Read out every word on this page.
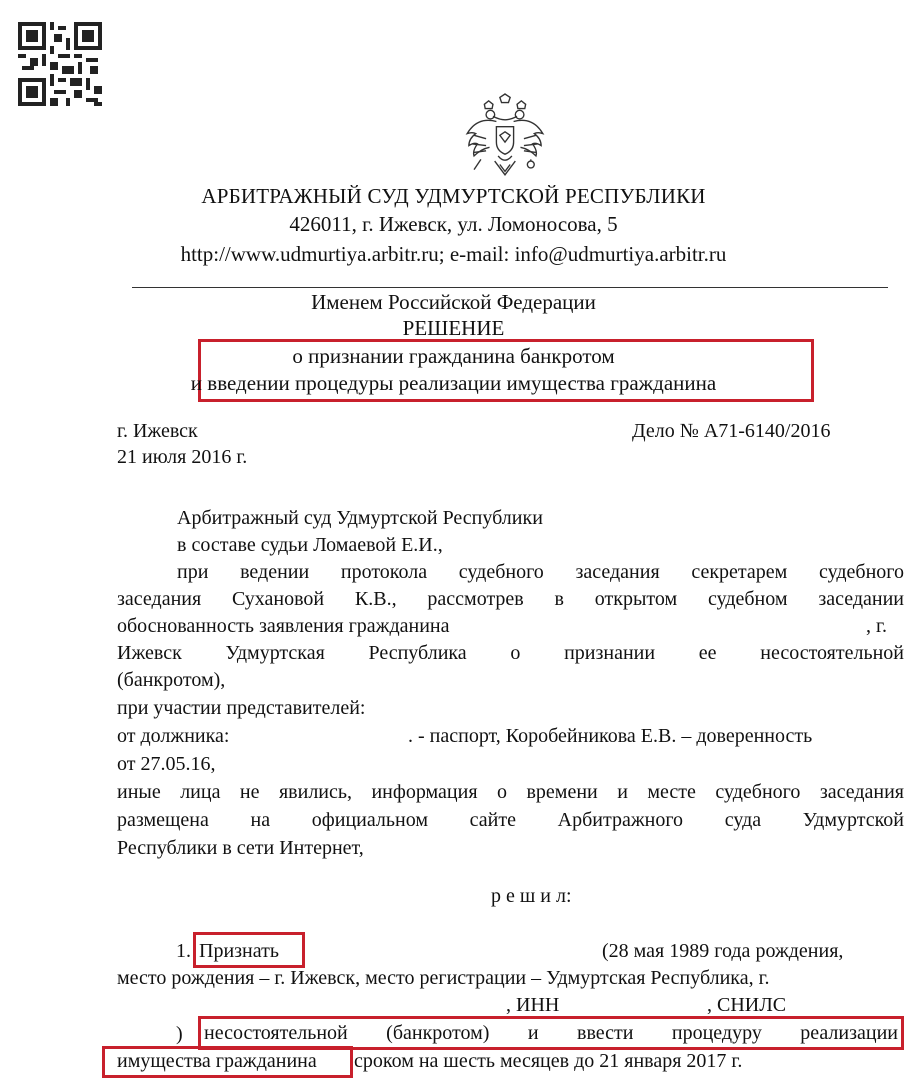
АРБИТРАЖНЫЙ СУД УДМУРТСКОЙ РЕСПУБЛИКИ
426011, г. Ижевск, ул. Ломоносова, 5
http://www.udmurtiya.arbitr.ru; e-mail: info@udmurtiya.arbitr.ru
Именем Российской Федерации
РЕШЕНИЕ
о признании гражданина банкротом
и введении процедуры реализации имущества гражданина
г. Ижевск	Дело № А71-6140/2016
21 июля 2016 г.
Арбитражный суд Удмуртской Республики
в составе судьи Ломаевой Е.И.,
при ведении протокола судебного заседания секретарем судебного
заседания Сухановой К.В., рассмотрев в открытом судебном заседании
обоснованность заявления гражданина	, г.
Ижевск Удмуртская Республика о признании ее несостоятельной
(банкротом),
при участии представителей:
от должника:	. - паспорт, Коробейникова Е.В. – доверенность
от 27.05.16,
иные лица не явились, информация о времени и месте судебного заседания
размещена на официальном сайте Арбитражного суда Удмуртской
Республики в сети Интернет,
р е ш и л:
1. Признать	(28 мая 1989 года рождения,
место рождения – г. Ижевск, место регистрации – Удмуртская Республика, г.
, ИНН	, СНИЛС
) несостоятельной (банкротом) и ввести процедуру реализации
имущества гражданина сроком на шесть месяцев до 21 января 2017 г.
